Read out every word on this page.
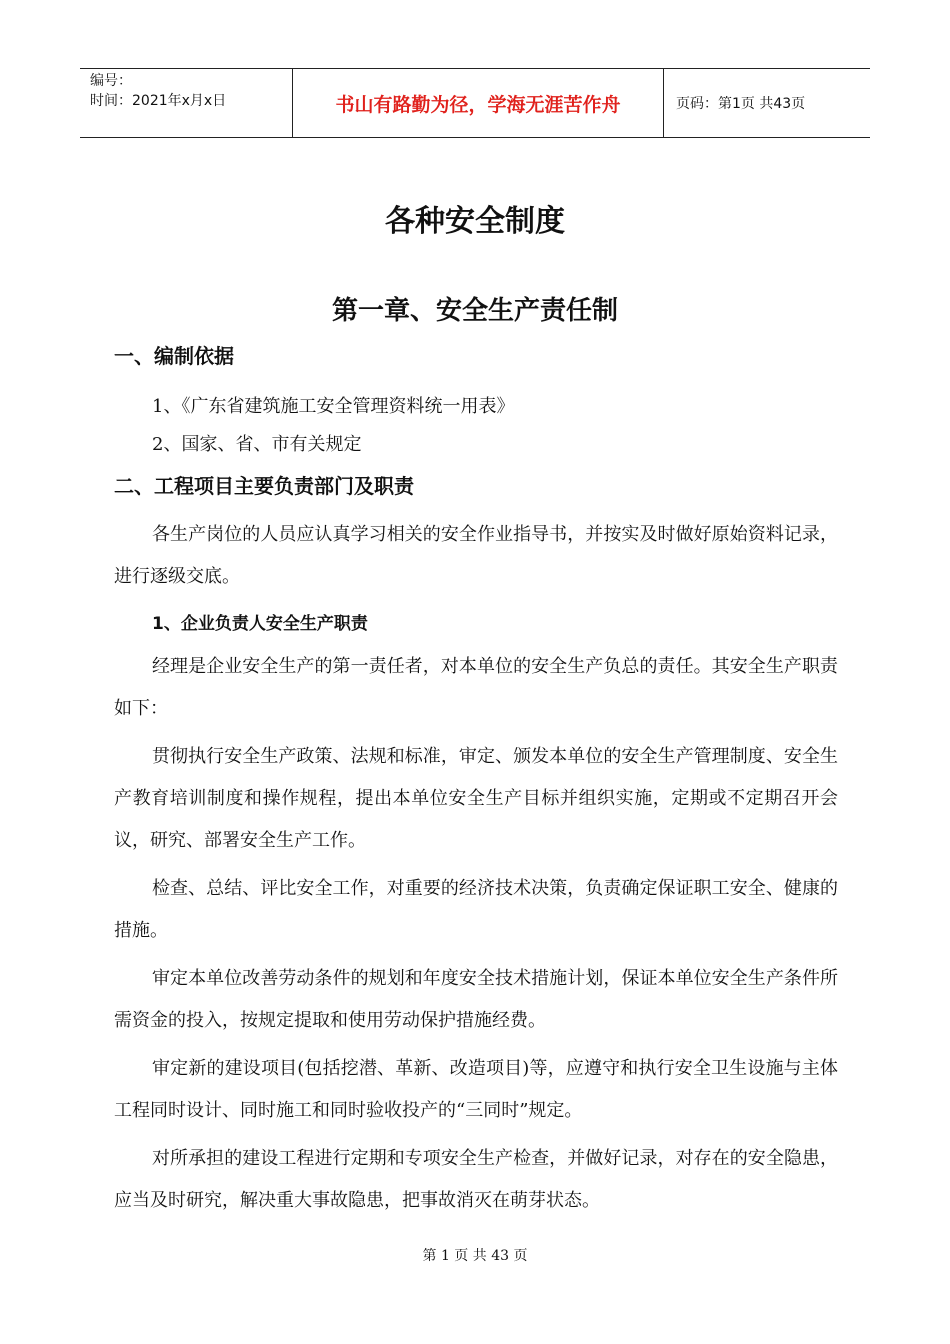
编号：
时间：2021年x月x日	书山有路勤为径，学海无涯苦作舟	页码：第1页 共43页
各种安全制度
第一章、安全生产责任制

一、编制依据

1、《广东省建筑施工安全管理资料统一用表》

2、国家、省、市有关规定

二、工程项目主要负责部门及职责

各生产岗位的人员应认真学习相关的安全作业指导书，并按实及时做好原始资料记录，进行逐级交底。

1、企业负责人安全生产职责

经理是企业安全生产的第一责任者，对本单位的安全生产负总的责任。其安全生产职责如下：

贯彻执行安全生产政策、法规和标准，审定、颁发本单位的安全生产管理制度、安全生产教育培训制度和操作规程，提出本单位安全生产目标并组织实施，定期或不定期召开会议，研究、部署安全生产工作。

检查、总结、评比安全工作，对重要的经济技术决策，负责确定保证职工安全、健康的措施。

审定本单位改善劳动条件的规划和年度安全技术措施计划，保证本单位安全生产条件所需资金的投入，按规定提取和使用劳动保护措施经费。

审定新的建设项目(包括挖潜、革新、改造项目)等，应遵守和执行安全卫生设施与主体工程同时设计、同时施工和同时验收投产的“三同时”规定。

对所承担的建设工程进行定期和专项安全生产检查，并做好记录，对存在的安全隐患，应当及时研究，解决重大事故隐患，把事故消灭在萌芽状态。

第 1 页 共 43 页
